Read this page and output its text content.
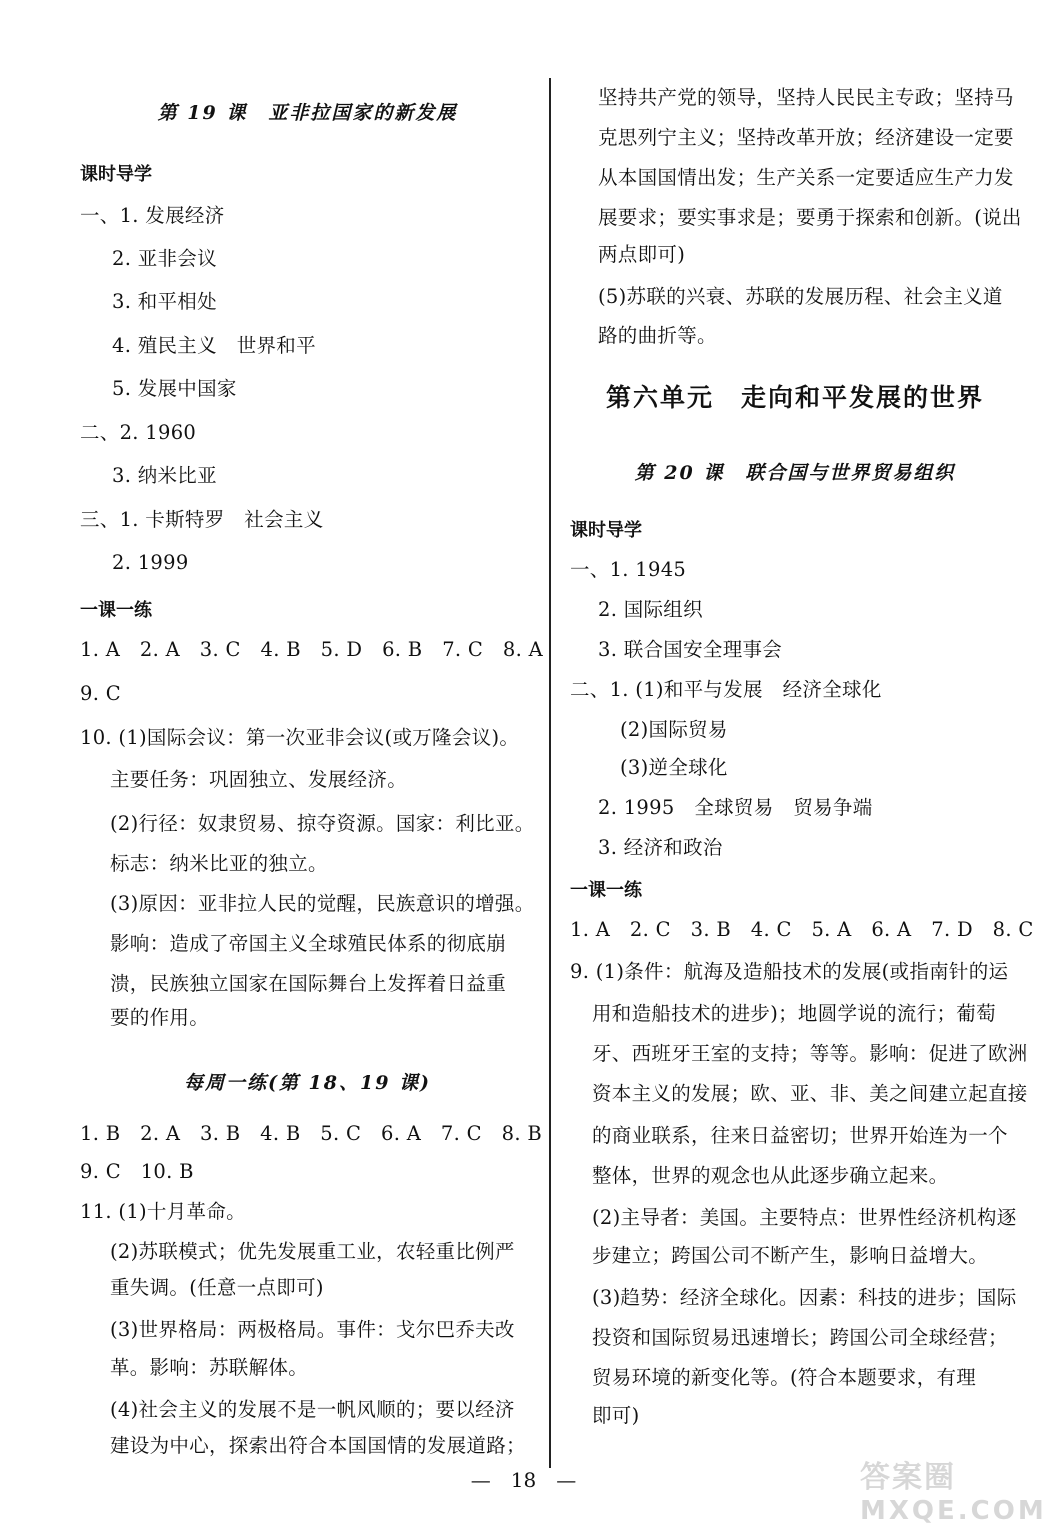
第 19 课　亚非拉国家的新发展
课时导学
一、1. 发展经济
2. 亚非会议
3. 和平相处
4. 殖民主义　世界和平
5. 发展中国家
二、2. 1960
3. 纳米比亚
三、1. 卡斯特罗　社会主义
2. 1999
一课一练
1. A　2. A　3. C　4. B　5. D　6. B　7. C　8. A
9. C
10. (1)国际会议：第一次亚非会议(或万隆会议)。
主要任务：巩固独立、发展经济。
(2)行径：奴隶贸易、掠夺资源。国家：利比亚。
标志：纳米比亚的独立。
(3)原因：亚非拉人民的觉醒，民族意识的增强。
影响：造成了帝国主义全球殖民体系的彻底崩
溃，民族独立国家在国际舞台上发挥着日益重
要的作用。
每周一练(第 18、19 课)
1. B　2. A　3. B　4. B　5. C　6. A　7. C　8. B
9. C　10. B
11. (1)十月革命。
(2)苏联模式；优先发展重工业，农轻重比例严
重失调。(任意一点即可)
(3)世界格局：两极格局。事件：戈尔巴乔夫改
革。影响：苏联解体。
(4)社会主义的发展不是一帆风顺的；要以经济
建设为中心，探索出符合本国国情的发展道路；
坚持共产党的领导，坚持人民民主专政；坚持马
克思列宁主义；坚持改革开放；经济建设一定要
从本国国情出发；生产关系一定要适应生产力发
展要求；要实事求是；要勇于探索和创新。(说出
两点即可)
(5)苏联的兴衰、苏联的发展历程、社会主义道
路的曲折等。
第六单元　走向和平发展的世界
第 20 课　联合国与世界贸易组织
课时导学
一、1. 1945
2. 国际组织
3. 联合国安全理事会
二、1. (1)和平与发展　经济全球化
(2)国际贸易
(3)逆全球化
2. 1995　全球贸易　贸易争端
3. 经济和政治
一课一练
1. A　2. C　3. B　4. C　5. A　6. A　7. D　8. C
9. (1)条件：航海及造船技术的发展(或指南针的运
用和造船技术的进步)；地圆学说的流行；葡萄
牙、西班牙王室的支持；等等。影响：促进了欧洲
资本主义的发展；欧、亚、非、美之间建立起直接
的商业联系，往来日益密切；世界开始连为一个
整体，世界的观念也从此逐步确立起来。
(2)主导者：美国。主要特点：世界性经济机构逐
步建立；跨国公司不断产生，影响日益增大。
(3)趋势：经济全球化。因素：科技的进步；国际
投资和国际贸易迅速增长；跨国公司全球经营；
贸易环境的新变化等。(符合本题要求，有理
即可)
—　18　—	答案圈
MXQE.COM
